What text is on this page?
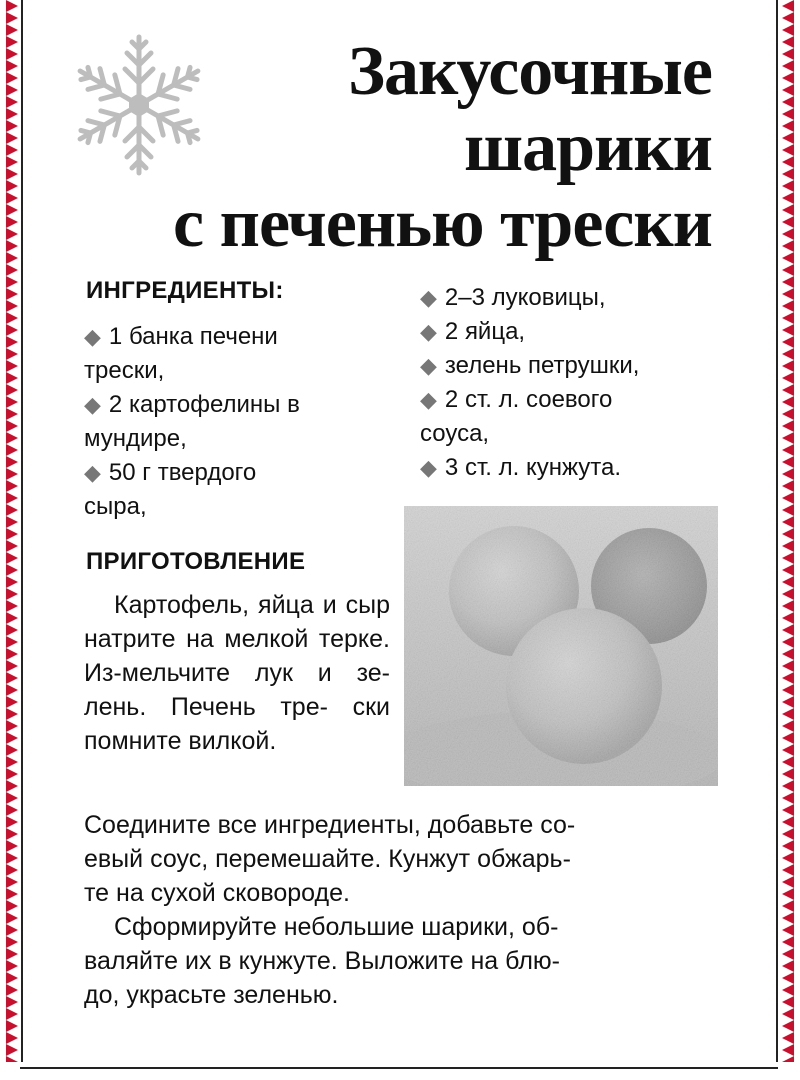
Закусочные
шарики
с печенью трески
ИНГРЕДИЕНТЫ:
◆ 1 банка печени
трески,
◆ 2 картофелины в
мундире,
◆ 50 г твердого
сыра,
◆ 2–3 луковицы,
◆ 2 яйца,
◆ зелень петрушки,
◆ 2 ст. л. соевого
соуса,
◆ 3 ст. л. кунжута.
ПРИГОТОВЛЕНИЕ
Картофель, яйца и сыр натрите на мелкой терке. Из-мельчите лук и зе- лень. Печень тре- ски помните вилкой.

Соедините все ингредиенты, добавьте со-
евый соус, перемешайте. Кунжут обжарь-
те на сухой сковороде.

Сформируйте небольшие шарики, об-
валяйте их в кунжуте. Выложите на блю-
до, украсьте зеленью.
